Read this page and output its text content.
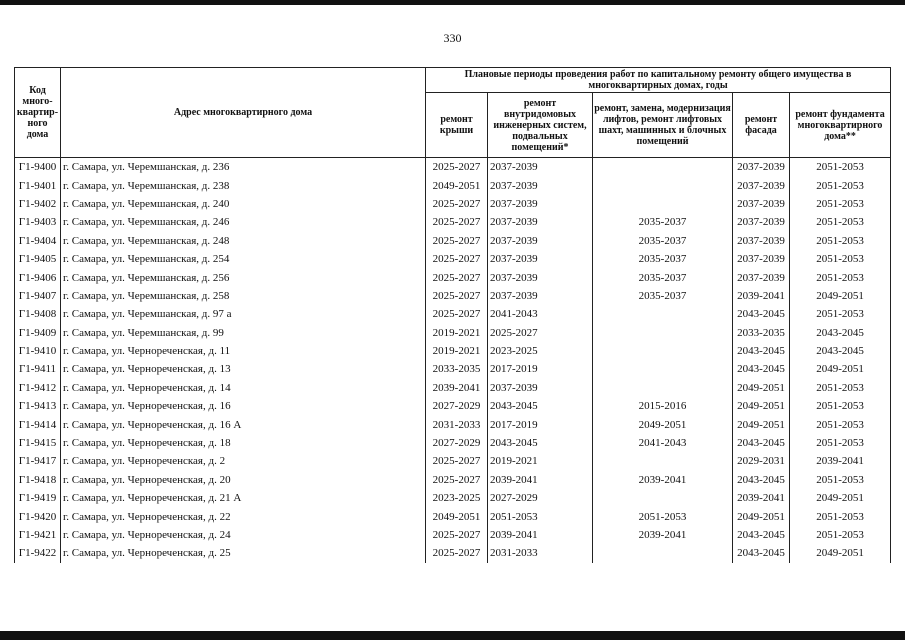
330
Код много-квартир-ного дома	Адрес многоквартирного дома	Плановые периоды проведения работ по капитальному ремонту общего имущества в многоквартирных домах, годы				
		ремонт крыши	ремонт внутридомовых инженерных систем, подвальных помещений*	ремонт, замена, модернизация лифтов, ремонт лифтовых шахт, машинных и блочных помещений	ремонт фасада	ремонт фундамента многоквартирного дома**
Г1-9400	г. Самара, ул. Черемшанская, д. 236	2025-2027	2037-2039		2037-2039	2051-2053
Г1-9401	г. Самара, ул. Черемшанская, д. 238	2049-2051	2037-2039		2037-2039	2051-2053
Г1-9402	г. Самара, ул. Черемшанская, д. 240	2025-2027	2037-2039		2037-2039	2051-2053
Г1-9403	г. Самара, ул. Черемшанская, д. 246	2025-2027	2037-2039	2035-2037	2037-2039	2051-2053
Г1-9404	г. Самара, ул. Черемшанская, д. 248	2025-2027	2037-2039	2035-2037	2037-2039	2051-2053
Г1-9405	г. Самара, ул. Черемшанская, д. 254	2025-2027	2037-2039	2035-2037	2037-2039	2051-2053
Г1-9406	г. Самара, ул. Черемшанская, д. 256	2025-2027	2037-2039	2035-2037	2037-2039	2051-2053
Г1-9407	г. Самара, ул. Черемшанская, д. 258	2025-2027	2037-2039	2035-2037	2039-2041	2049-2051
Г1-9408	г. Самара, ул. Черемшанская, д. 97 а	2025-2027	2041-2043		2043-2045	2051-2053
Г1-9409	г. Самара, ул. Черемшанская, д. 99	2019-2021	2025-2027		2033-2035	2043-2045
Г1-9410	г. Самара, ул. Чернореченская, д. 11	2019-2021	2023-2025		2043-2045	2043-2045
Г1-9411	г. Самара, ул. Чернореченская, д. 13	2033-2035	2017-2019		2043-2045	2049-2051
Г1-9412	г. Самара, ул. Чернореченская, д. 14	2039-2041	2037-2039		2049-2051	2051-2053
Г1-9413	г. Самара, ул. Чернореченская, д. 16	2027-2029	2043-2045	2015-2016	2049-2051	2051-2053
Г1-9414	г. Самара, ул. Чернореченская, д. 16 А	2031-2033	2017-2019	2049-2051	2049-2051	2051-2053
Г1-9415	г. Самара, ул. Чернореченская, д. 18	2027-2029	2043-2045	2041-2043	2043-2045	2051-2053
Г1-9417	г. Самара, ул. Чернореченская, д. 2	2025-2027	2019-2021		2029-2031	2039-2041
Г1-9418	г. Самара, ул. Чернореченская, д. 20	2025-2027	2039-2041	2039-2041	2043-2045	2051-2053
Г1-9419	г. Самара, ул. Чернореченская, д. 21 А	2023-2025	2027-2029		2039-2041	2049-2051
Г1-9420	г. Самара, ул. Чернореченская, д. 22	2049-2051	2051-2053	2051-2053	2049-2051	2051-2053
Г1-9421	г. Самара, ул. Чернореченская, д. 24	2025-2027	2039-2041	2039-2041	2043-2045	2051-2053
Г1-9422	г. Самара, ул. Чернореченская, д. 25	2025-2027	2031-2033		2043-2045	2049-2051
